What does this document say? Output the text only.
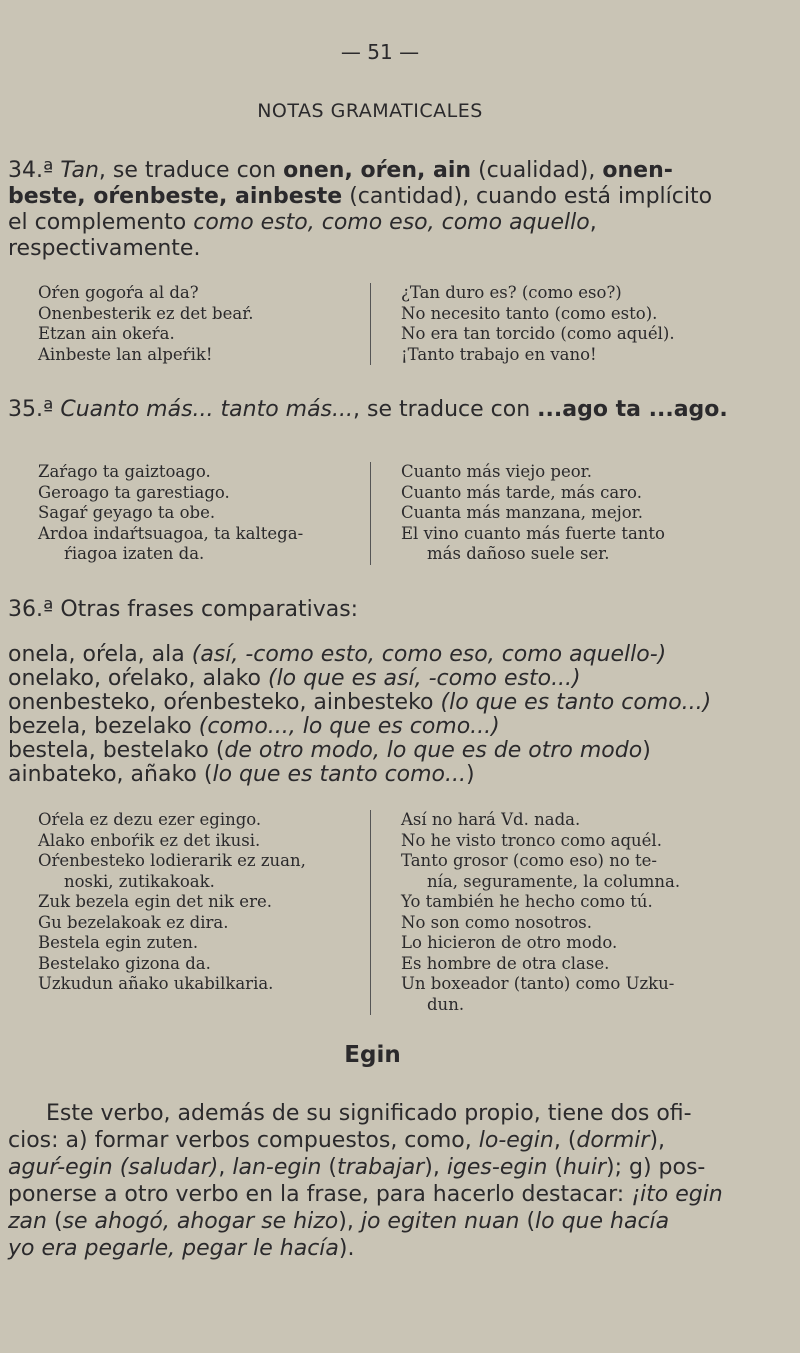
— 51 —
NOTAS GRAMATICALES
34.ª Tan, se traduce con onen, oŕen, ain (cualidad), onen-beste, oŕenbeste, ainbeste (cantidad), cuando está implícito el complemento como esto, como eso, como aquello, respectivamente.
Oŕen gogoŕa al da?	¿Tan duro es? (como eso?)
Onenbesterik ez det beaŕ.	No necesito tanto (como esto).
Etzan ain okeŕa.	No era tan torcido (como aquél).
Ainbeste lan alpeŕik!	¡Tanto trabajo en vano!
35.ª Cuanto más... tanto más..., se traduce con ...ago ta ...ago.
Zaŕago ta gaiztoago.	Cuanto más viejo peor.
Geroago ta garestiago.	Cuanto más tarde, más caro.
Sagaŕ geyago ta obe.	Cuanta más manzana, mejor.
Ardoa indaŕtsuagoa, ta kaltega-	El vino cuanto más fuerte tanto
ŕiagoa izaten da.	más dañoso suele ser.
36.ª Otras frases comparativas:
onela, oŕela, ala (así, -como esto, como eso, como aquello-)
onelako, oŕelako, alako (lo que es así, -como esto...)
onenbesteko, oŕenbesteko, ainbesteko (lo que es tanto como...)
bezela, bezelako (como..., lo que es como...)
bestela, bestelako (de otro modo, lo que es de otro modo)
ainbateko, añako (lo que es tanto como...)
Oŕela ez dezu ezer egingo.	Así no hará Vd. nada.
Alako enboŕik ez det ikusi.	No he visto tronco como aquél.
Oŕenbesteko lodierarik ez zuan,	Tanto grosor (como eso) no te-
noski, zutikakoak.	nía, seguramente, la columna.
Zuk bezela egin det nik ere.	Yo también he hecho como tú.
Gu bezelakoak ez dira.	No son como nosotros.
Bestela egin zuten.	Lo hicieron de otro modo.
Bestelako gizona da.	Es hombre de otra clase.
Uzkudun añako ukabilkaria.	Un boxeador (tanto) como Uzku-
dun.
Egin
Este verbo, además de su significado propio, tiene dos ofi-
cios: a) formar verbos compuestos, como, lo-egin, (dormir),
aguŕ-egin (saludar), lan-egin (trabajar), iges-egin (huir); g) pos-
ponerse a otro verbo en la frase, para hacerlo destacar: ¡ito egin
zan (se ahogó, ahogar se hizo), jo egiten nuan (lo que hacía
yo era pegarle, pegar le hacía).
